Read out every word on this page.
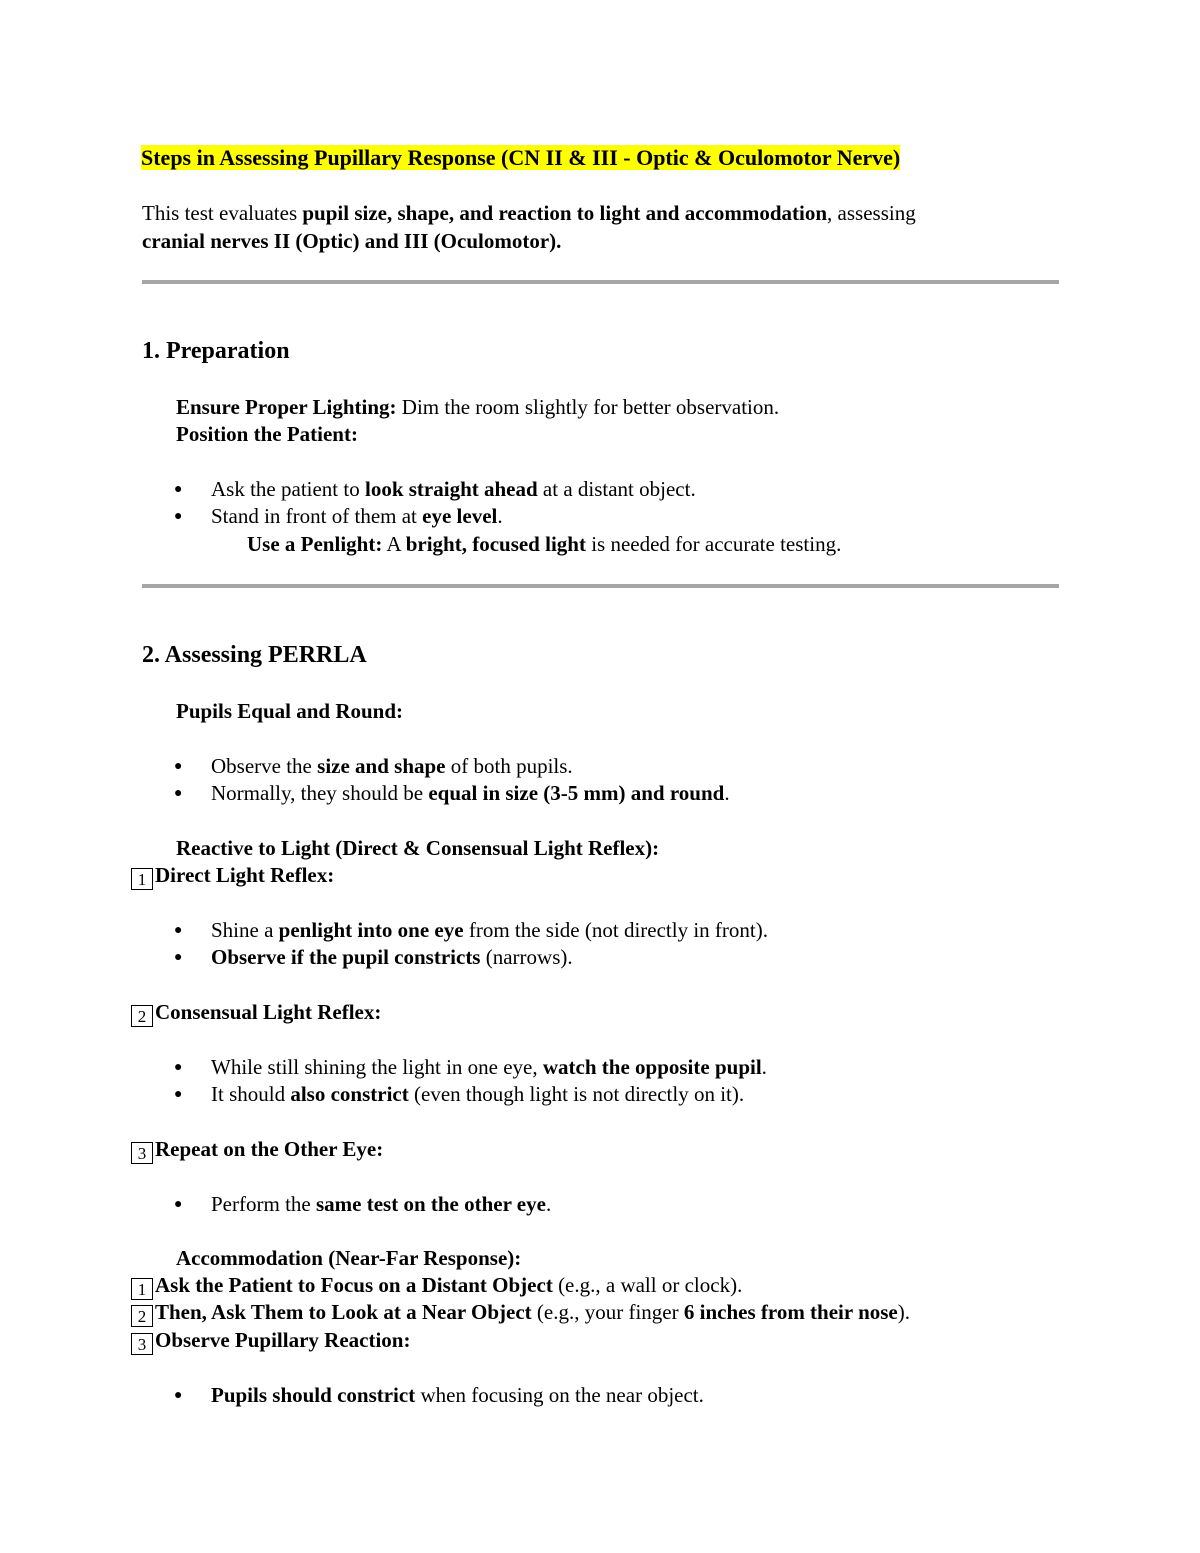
Steps in Assessing Pupillary Response (CN II & III - Optic & Oculomotor Nerve)
This test evaluates pupil size, shape, and reaction to light and accommodation, assessing
cranial nerves II (Optic) and III (Oculomotor).
1. Preparation
Ensure Proper Lighting: Dim the room slightly for better observation.
Position the Patient:
● Ask the patient to look straight ahead at a distant object.
● Stand in front of them at eye level.
Use a Penlight: A bright, focused light is needed for accurate testing.
2. Assessing PERRLA
Pupils Equal and Round:
● Observe the size and shape of both pupils.
● Normally, they should be equal in size (3-5 mm) and round.
Reactive to Light (Direct & Consensual Light Reflex):
1 Direct Light Reflex:
● Shine a penlight into one eye from the side (not directly in front).
● Observe if the pupil constricts (narrows).
2 Consensual Light Reflex:
● While still shining the light in one eye, watch the opposite pupil.
● It should also constrict (even though light is not directly on it).
3 Repeat on the Other Eye:
● Perform the same test on the other eye.
Accommodation (Near-Far Response):
1 Ask the Patient to Focus on a Distant Object (e.g., a wall or clock).
2 Then, Ask Them to Look at a Near Object (e.g., your finger 6 inches from their nose).
3 Observe Pupillary Reaction:
● Pupils should constrict when focusing on the near object.
